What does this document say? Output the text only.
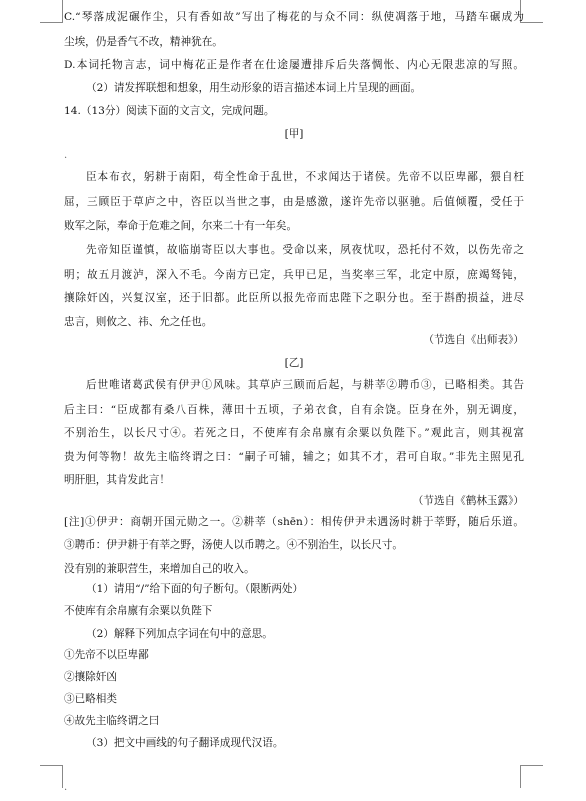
C.“琴落成泥碾作尘，只有香如故”写出了梅花的与众不同：纵使凋落于地，马踏车碾成为
尘埃，仍是香气不改，精神犹在。
D.本词托物言志，词中梅花正是作者在仕途屡遭排斥后失落惆怅、内心无限悲凉的写照。
（2）请发挥联想和想象，用生动形象的语言描述本词上片呈现的画面。
14.（13分）阅读下面的文言文，完成问题。
[甲]
臣本布衣，躬耕于南阳，苟全性命于乱世，不求闻达于诸侯。先帝不以臣卑鄙，猥自枉
屈，三顾臣于草庐之中，咨臣以当世之事，由是感激，遂许先帝以驱驰。后值倾覆，受任于
败军之际，奉命于危难之间，尔来二十有一年矣。
先帝知臣谨慎，故临崩寄臣以大事也。受命以来，夙夜忧叹，恐托付不效，以伤先帝之
明；故五月渡泸，深入不毛。今南方已定，兵甲已足，当奖率三军，北定中原，庶竭驽钝，
攘除奸凶，兴复汉室，还于旧都。此臣所以报先帝而忠陛下之职分也。至于斟酌损益，进尽
忠言，则攸之、祎、允之任也。
（节选自《出师表》）
[乙]
后世唯诸葛武侯有伊尹①风味。其草庐三顾而后起，与耕莘②聘币③，已略相类。其告
后主曰：“臣成都有桑八百株，薄田十五顷，子弟衣食，自有余饶。臣身在外，别无调度，
不别治生，以长尺寸④。若死之日，不使库有余帛廪有余粟以负陛下。”观此言，则其视富
贵为何等物！故先主临终谓之曰：“嗣子可辅，辅之；如其不才，君可自取。”非先主照见孔
明肝胆，其肯发此言！
（节选自《鹤林玉露》）
[注]①伊尹：商朝开国元勋之一。②耕莘（shēn）：相传伊尹未遇汤时耕于莘野，随后乐道。
③聘币：伊尹耕于有莘之野，汤使人以币聘之。④不别治生，以长尺寸。
没有别的兼职营生，来增加自己的收入。
（1）请用“/”给下面的句子断句。（限断两处）
不使库有余帛廪有余粟以负陛下
（2）解释下列加点字词在句中的意思。
①先帝不以臣卑鄙
②攘除奸凶
③已略相类
④故先主临终谓之曰
（3）把文中画线的句子翻译成现代汉语。
.
.
